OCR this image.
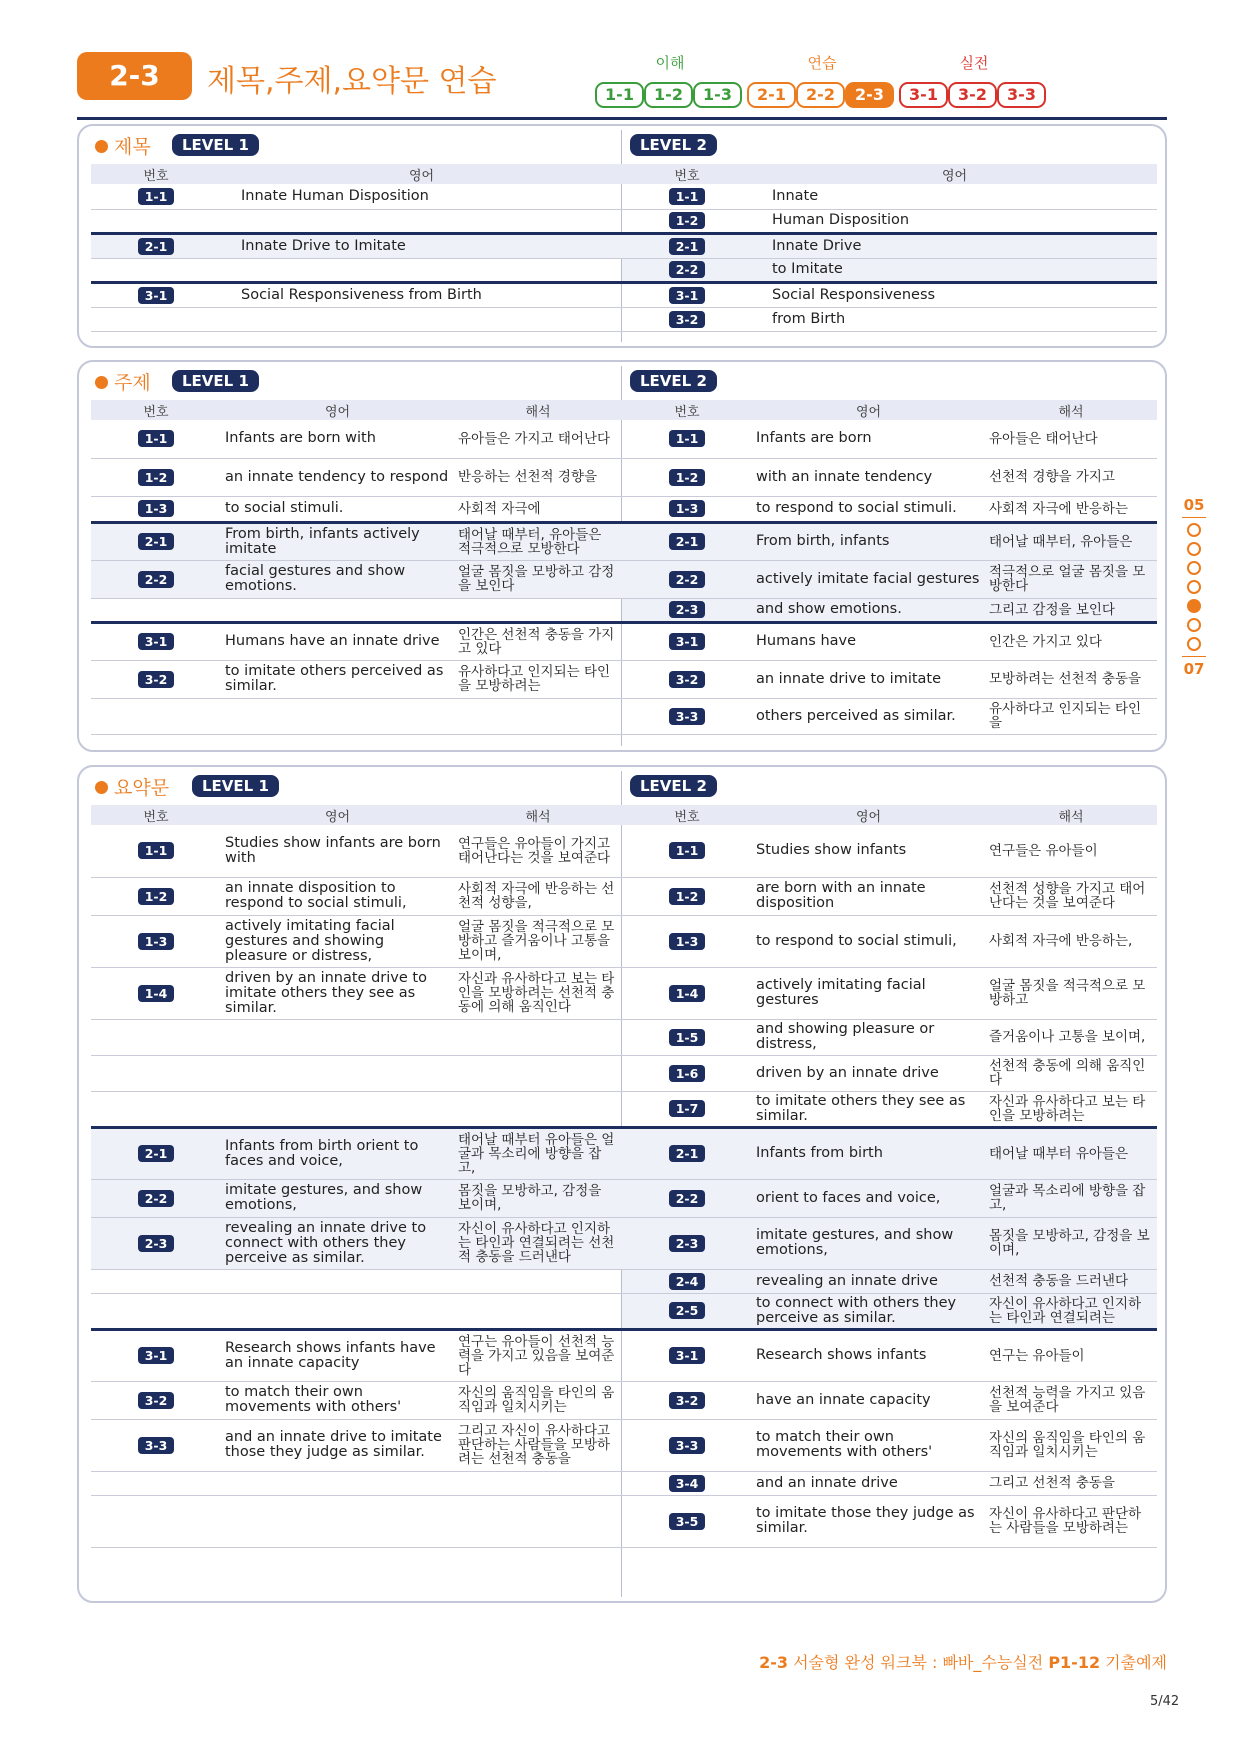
2-3	제목,주제,요약문 연습
이해
1-1	1-2	1-3
연습
2-1	2-2	2-3
실전
3-1	3-2	3-3
제목	LEVEL 1	LEVEL 2
번호	영어
1-1	Innate Human Disposition

2-1	Innate Drive to Imitate

3-1	Social Responsiveness from Birth

번호	영어
1-1	Innate
1-2	Human Disposition
2-1	Innate Drive
2-2	to Imitate
3-1	Social Responsiveness
3-2	from Birth
주제	LEVEL 1	LEVEL 2
번호	영어	해석
1-1	Infants are born with	유아들은 가지고 태어난다
1-2	an innate tendency to respond	반응하는 선천적 경향을
1-3	to social stimuli.	사회적 자극에
2-1	From birth, infants actively imitate	태어날 때부터, 유아들은 적극적으로 모방한다
2-2	facial gestures and show emotions.	얼굴 몸짓을 모방하고 감정을 보인다

3-1	Humans have an innate drive	인간은 선천적 충동을 가지고 있다
3-2	to imitate others perceived as similar.	유사하다고 인지되는 타인을 모방하려는

번호	영어	해석
1-1	Infants are born	유아들은 태어난다
1-2	with an innate tendency	선천적 경향을 가지고
1-3	to respond to social stimuli.	사회적 자극에 반응하는
2-1	From birth, infants	태어날 때부터, 유아들은
2-2	actively imitate facial gestures	적극적으로 얼굴 몸짓을 모방한다
2-3	and show emotions.	그리고 감정을 보인다
3-1	Humans have	인간은 가지고 있다
3-2	an innate drive to imitate	모방하려는 선천적 충동을
3-3	others perceived as similar.	유사하다고 인지되는 타인을
요약문	LEVEL 1	LEVEL 2
번호	영어	해석
1-1	Studies show infants are born with	연구들은 유아들이 가지고 태어난다는 것을 보여준다
1-2	an innate disposition to respond to social stimuli,	사회적 자극에 반응하는 선천적 성향을,
1-3	actively imitating facial gestures and showing pleasure or distress,	얼굴 몸짓을 적극적으로 모방하고 즐거움이나 고통을 보이며,
1-4	driven by an innate drive to imitate others they see as similar.	자신과 유사하다고 보는 타인을 모방하려는 선천적 충동에 의해 움직인다

2-1	Infants from birth orient to faces and voice,	태어날 때부터 유아들은 얼굴과 목소리에 방향을 잡고,
2-2	imitate gestures, and show emotions,	몸짓을 모방하고, 감정을 보이며,
2-3	revealing an innate drive to connect with others they perceive as similar.	자신이 유사하다고 인지하는 타인과 연결되려는 선천적 충동을 드러낸다

3-1	Research shows infants have an innate capacity	연구는 유아들이 선천적 능력을 가지고 있음을 보여준다
3-2	to match their own movements with others'	자신의 움직임을 타인의 움직임과 일치시키는
3-3	and an innate drive to imitate those they judge as similar.	그리고 자신이 유사하다고 판단하는 사람들을 모방하려는 선천적 충동을

번호	영어	해석
1-1	Studies show infants	연구들은 유아들이
1-2	are born with an innate disposition	선천적 성향을 가지고 태어난다는 것을 보여준다
1-3	to respond to social stimuli,	사회적 자극에 반응하는,
1-4	actively imitating facial gestures	얼굴 몸짓을 적극적으로 모방하고
1-5	and showing pleasure or distress,	즐거움이나 고통을 보이며,
1-6	driven by an innate drive	선천적 충동에 의해 움직인다
1-7	to imitate others they see as similar.	자신과 유사하다고 보는 타인을 모방하려는
2-1	Infants from birth	태어날 때부터 유아들은
2-2	orient to faces and voice,	얼굴과 목소리에 방향을 잡고,
2-3	imitate gestures, and show emotions,	몸짓을 모방하고, 감정을 보이며,
2-4	revealing an innate drive	선천적 충동을 드러낸다
2-5	to connect with others they perceive as similar.	자신이 유사하다고 인지하는 타인과 연결되려는
3-1	Research shows infants	연구는 유아들이
3-2	have an innate capacity	선천적 능력을 가지고 있음을 보여준다
3-3	to match their own movements with others'	자신의 움직임을 타인의 움직임과 일치시키는
3-4	and an innate drive	그리고 선천적 충동을
3-5	to imitate those they judge as similar.	자신이 유사하다고 판단하는 사람들을 모방하려는
05
07
2-3 서술형 완성 워크북 : 빠바_수능실전 P1-12 기출예제
5/42
